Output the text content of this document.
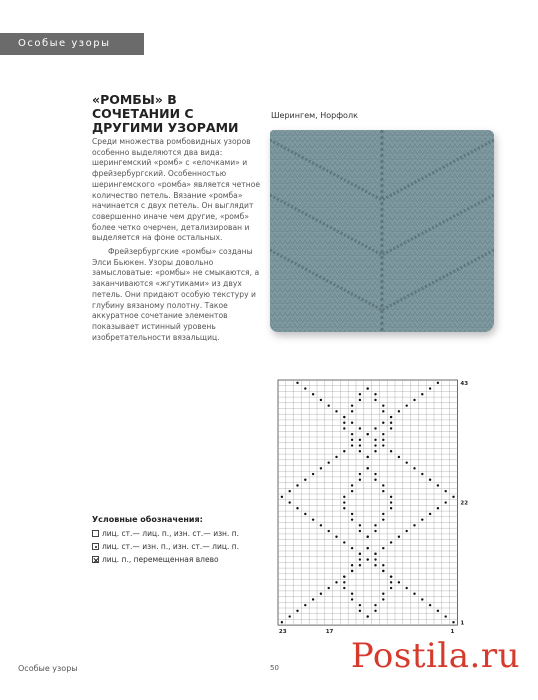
Особые узоры
«РОМБЫ» В СОЧЕТАНИИ С ДРУГИМИ УЗОРАМИ

Среди множества ромбовидных узоров особенно выделяются два вида: шерингемский «ромб» с «елочками» и фрейзербургский. Особенностью шерингемского «ромба» является четное количество петель. Вязание «ромба» начинается с двух петель. Он выглядит совершенно иначе чем другие, «ромб» более четко очерчен, детализирован и выделяется на фоне остальных.

Фрейзербургские «ромбы» созданы Элси Бьюкен. Узоры довольно замысловатые: «ромбы» не смыкаются, а заканчиваются «жгутиками» из двух петель. Они придают особую текстуру и глубину вязаному полотну. Такое аккуратное сочетание элементов показывает истинный уровень изобретательности вязальщиц.

Шерингем, Норфолк
43
22
1
23	17	1
Условные обозначения:
лиц. ст.— лиц. п., изн. ст.— изн. п.
лиц. ст.— изн. п., изн. ст.— лиц. п.
лиц. п., перемещенная влево
Особые узоры	50 Postila.ru
